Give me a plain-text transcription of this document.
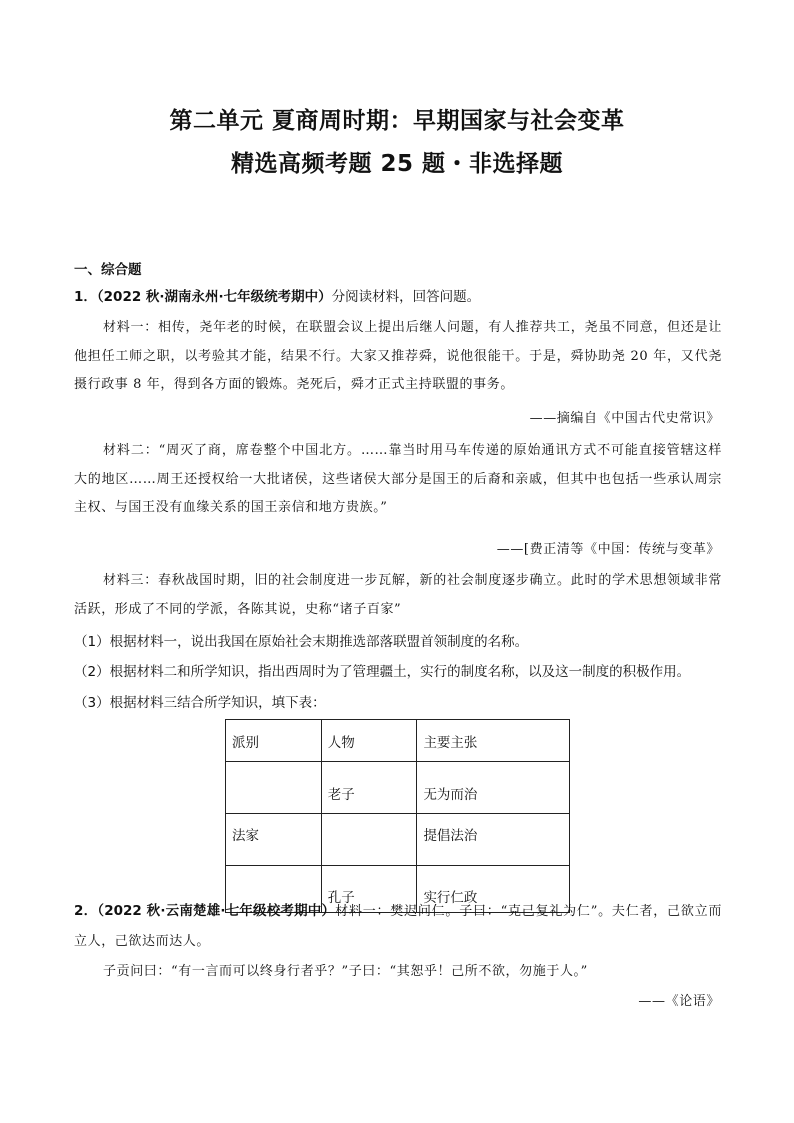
第二单元 夏商周时期：早期国家与社会变革
精选高频考题 25 题・非选择题
一、综合题
1．（2022 秋·湖南永州·七年级统考期中）分阅读材料，回答问题。
材料一：相传，尧年老的时候，在联盟会议上提出后继人问题，有人推荐共工，尧虽不同意，但还是让他担任工师之职，以考验其才能，结果不行。大家又推荐舜，说他很能干。于是，舜协助尧 20 年，又代尧摄行政事 8 年，得到各方面的锻炼。尧死后，舜才正式主持联盟的事务。
——摘编自《中国古代史常识》
材料二：“周灭了商，席卷整个中国北方。……靠当时用马车传递的原始通讯方式不可能直接管辖这样大的地区……周王还授权给一大批诸侯，这些诸侯大部分是国王的后裔和亲戚，但其中也包括一些承认周宗主权、与国王没有血缘关系的国王亲信和地方贵族。”
——[费正清等《中国：传统与变革》
材料三：春秋战国时期，旧的社会制度进一步瓦解，新的社会制度逐步确立。此时的学术思想领域非常活跃，形成了不同的学派，各陈其说，史称“诸子百家”
（1）根据材料一，说出我国在原始社会末期推选部落联盟首领制度的名称。
（2）根据材料二和所学知识，指出西周时为了管理疆土，实行的制度名称，以及这一制度的积极作用。
（3）根据材料三结合所学知识，填下表：
派别	人物	主要主张
	老子	无为而治
法家		提倡法治
	孔子	实行仁政
2．（2022 秋·云南楚雄·七年级校考期中）材料一：樊迟问仁。子曰：“克己复礼为仁”。夫仁者，己欲立而立人，己欲达而达人。
子贡问曰：“有一言而可以终身行者乎？”子曰：“其恕乎！己所不欲，勿施于人。”
——《论语》
